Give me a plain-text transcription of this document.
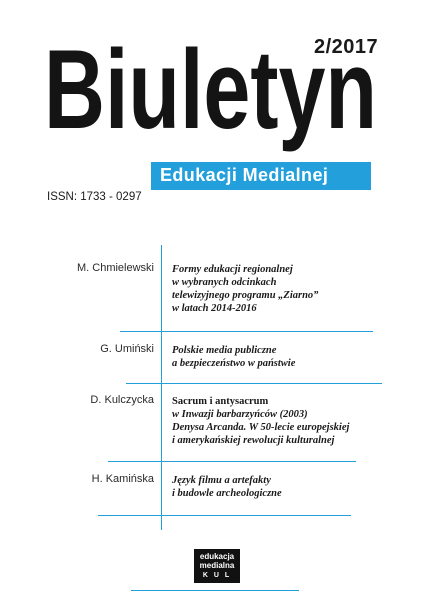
2/2017
Biuletyn
Edukacji Medialnej
ISSN: 1733 - 0297
M. Chmielewski Formy edukacji regionalnej
w wybranych odcinkach
telewizyjnego programu „Ziarno”
w latach 2014-2016
G. Umiński Polskie media publiczne
a bezpieczeństwo w państwie
D. Kulczycka Sacrum i antysacrum
w Inwazji barbarzyńców (2003)
Denysa Arcanda. W 50-lecie europejskiej
i amerykańskiej rewolucji kulturalnej
H. Kamińska Język filmu a artefakty
i budowle archeologiczne
edukacja
medialna
K U L
